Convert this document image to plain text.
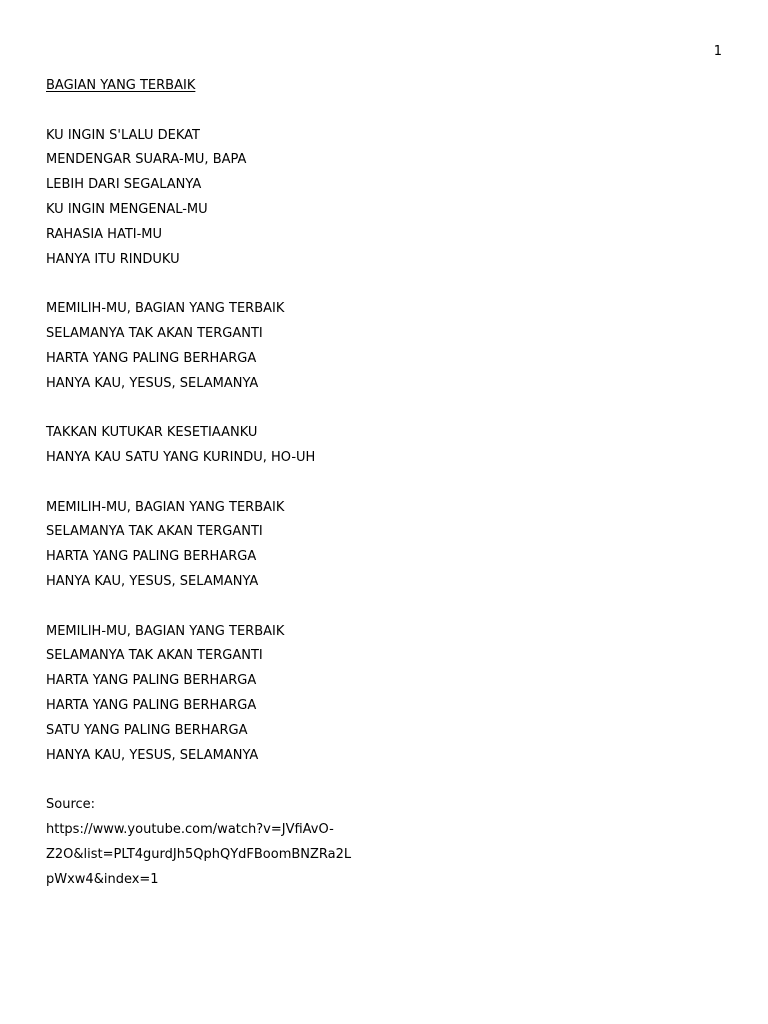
1
BAGIAN YANG TERBAIK
KU INGIN S'LALU DEKAT
MENDENGAR SUARA-MU, BAPA
LEBIH DARI SEGALANYA
KU INGIN MENGENAL-MU
RAHASIA HATI-MU
HANYA ITU RINDUKU
MEMILIH-MU, BAGIAN YANG TERBAIK
SELAMANYA TAK AKAN TERGANTI
HARTA YANG PALING BERHARGA
HANYA KAU, YESUS, SELAMANYA
TAKKAN KUTUKAR KESETIAANKU
HANYA KAU SATU YANG KURINDU, HO-UH
MEMILIH-MU, BAGIAN YANG TERBAIK
SELAMANYA TAK AKAN TERGANTI
HARTA YANG PALING BERHARGA
HANYA KAU, YESUS, SELAMANYA
MEMILIH-MU, BAGIAN YANG TERBAIK
SELAMANYA TAK AKAN TERGANTI
HARTA YANG PALING BERHARGA
HARTA YANG PALING BERHARGA
SATU YANG PALING BERHARGA
HANYA KAU, YESUS, SELAMANYA
Source:
https://www.youtube.com/watch?v=JVfiAvO-
Z2O&list=PLT4gurdJh5QphQYdFBoomBNZRa2L
pWxw4&index=1
